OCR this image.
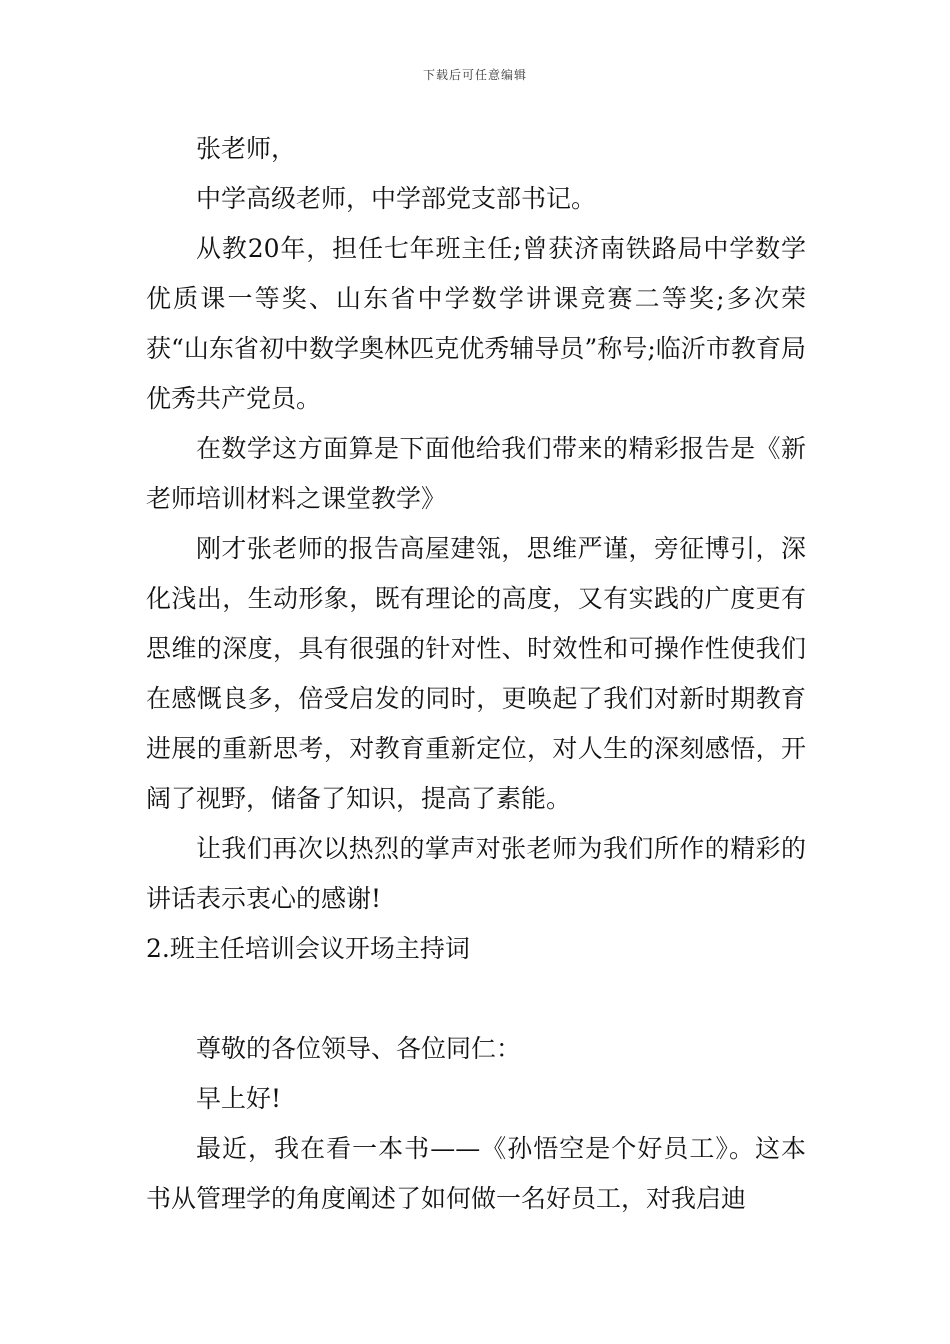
下载后可任意编辑

张老师，

中学高级老师，中学部党支部书记。

从教20年，担任七年班主任;曾获济南铁路局中学数学优质课一等奖、山东省中学数学讲课竞赛二等奖;多次荣获“山东省初中数学奥林匹克优秀辅导员”称号;临沂市教育局优秀共产党员。

在数学这方面算是下面他给我们带来的精彩报告是《新老师培训材料之课堂教学》

刚才张老师的报告高屋建瓴，思维严谨，旁征博引，深化浅出，生动形象，既有理论的高度，又有实践的广度更有思维的深度，具有很强的针对性、时效性和可操作性使我们在感慨良多，倍受启发的同时，更唤起了我们对新时期教育进展的重新思考，对教育重新定位，对人生的深刻感悟，开阔了视野，储备了知识，提高了素能。

让我们再次以热烈的掌声对张老师为我们所作的精彩的讲话表示衷心的感谢!

2.班主任培训会议开场主持词

尊敬的各位领导、各位同仁：

早上好!

最近，我在看一本书——《孙悟空是个好员工》。这本书从管理学的角度阐述了如何做一名好员工，对我启迪
